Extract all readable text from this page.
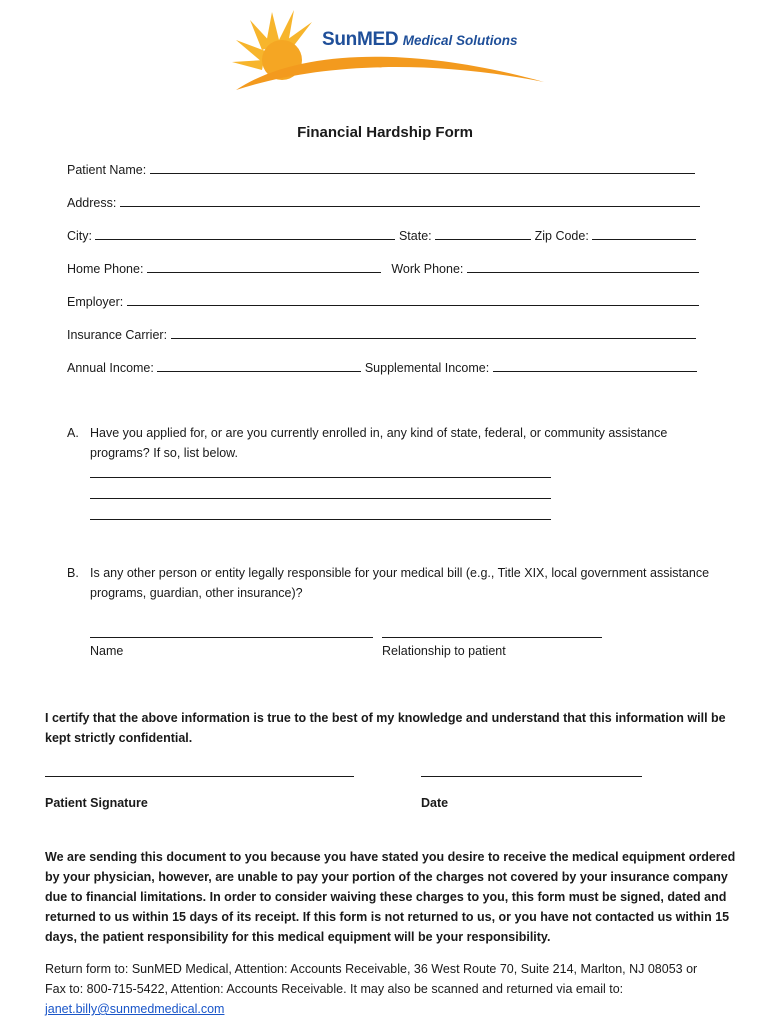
SunMED Medical Solutions
Financial Hardship Form
Patient Name:
Address:
City:	State:	Zip Code:
Home Phone:	Work Phone:
Employer:
Insurance Carrier:
Annual Income:	Supplemental Income:
A. Have you applied for, or are you currently enrolled in, any kind of state, federal, or community assistance
programs? If so, list below.
B. Is any other person or entity legally responsible for your medical bill (e.g., Title XIX, local government assistance
programs, guardian, other insurance)?
Name	Relationship to patient
I certify that the above information is true to the best of my knowledge and understand that this information will be
kept strictly confidential.
Patient Signature	Date
We are sending this document to you because you have stated you desire to receive the medical equipment ordered
by your physician, however, are unable to pay your portion of the charges not covered by your insurance company
due to financial limitations. In order to consider waiving these charges to you, this form must be signed, dated and
returned to us within 15 days of its receipt. If this form is not returned to us, or you have not contacted us within 15
days, the patient responsibility for this medical equipment will be your responsibility.
Return form to: SunMED Medical, Attention: Accounts Receivable, 36 West Route 70, Suite 214, Marlton, NJ 08053 or
Fax to: 800-715-5422, Attention: Accounts Receivable. It may also be scanned and returned via email to:
janet.billy@sunmedmedical.com
